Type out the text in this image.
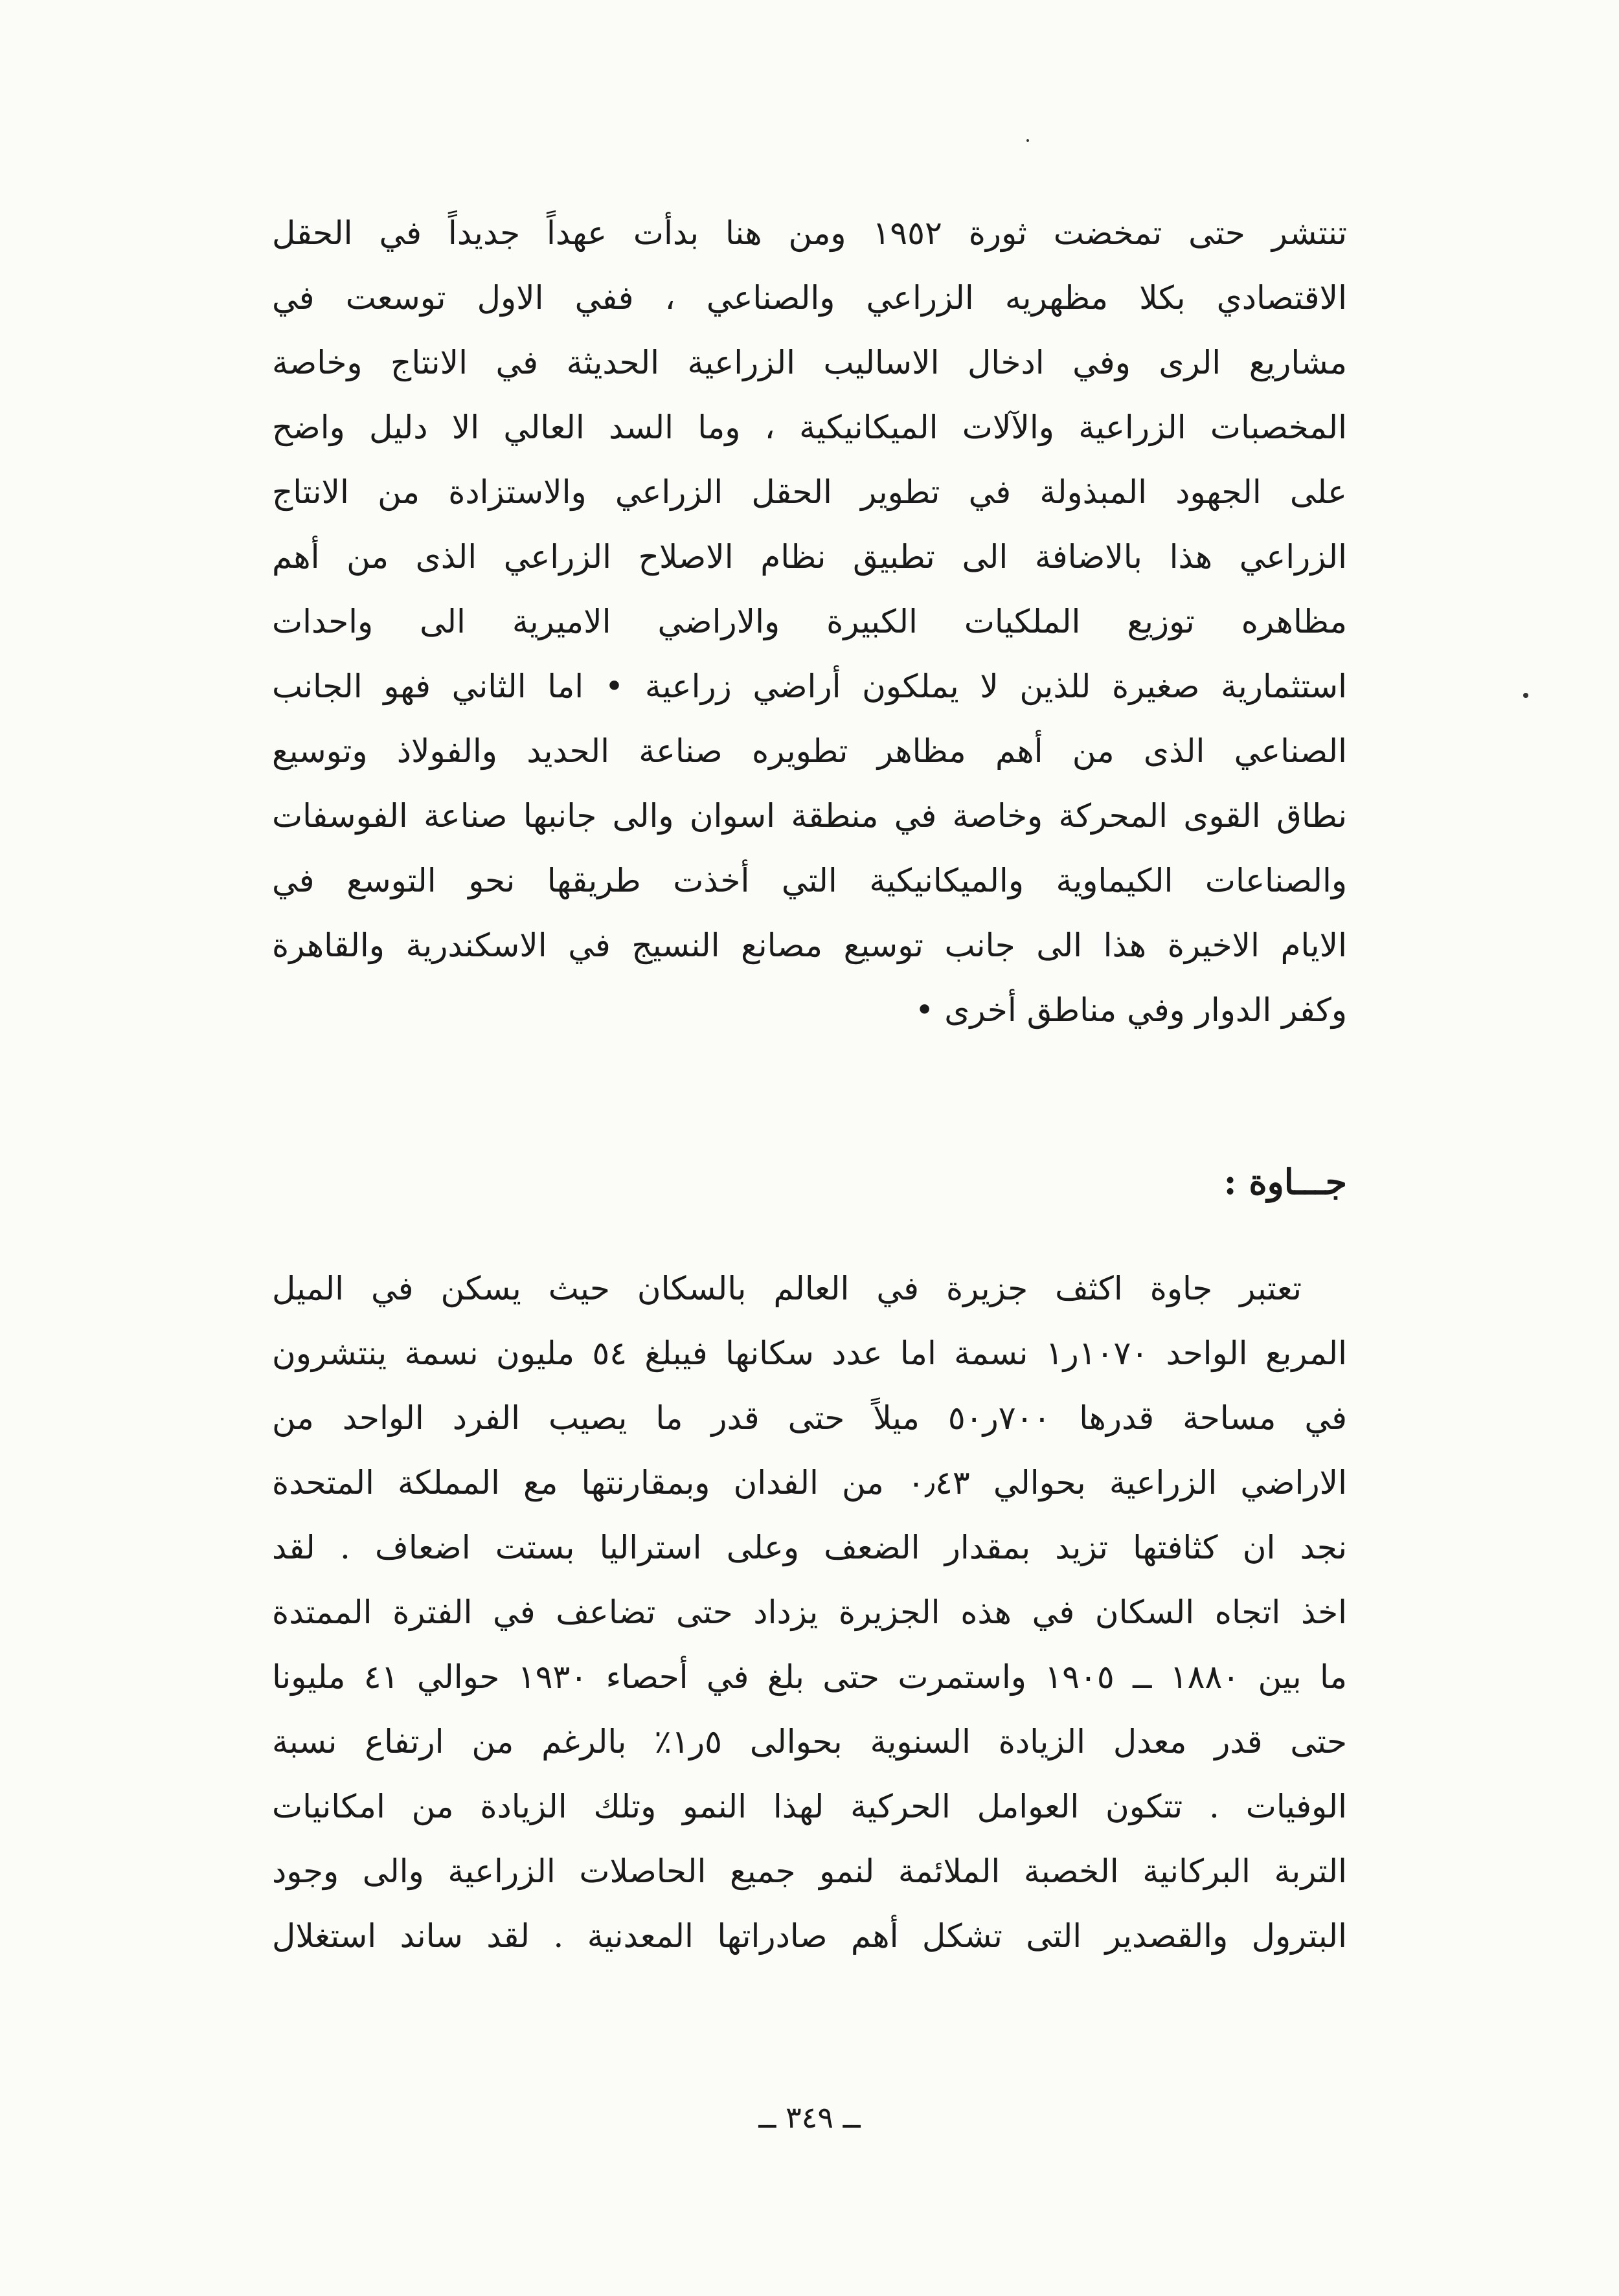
تنتشر حتى تمخضت ثورة ١٩٥٢ ومن هنا بدأت عهداً جديداً في الحقل
الاقتصادي بكلا مظهريه الزراعي والصناعي ، ففي الاول توسعت في
مشاريع الرى وفي ادخال الاساليب الزراعية الحديثة في الانتاج وخاصة
المخصبات الزراعية والآلات الميكانيكية ، وما السد العالي الا دليل واضح
على الجهود المبذولة في تطوير الحقل الزراعي والاستزادة من الانتاج
الزراعي هذا بالاضافة الى تطبيق نظام الاصلاح الزراعي الذى من أهم
مظاهره توزيع الملكيات الكبيرة والاراضي الاميرية الى واحدات
استثمارية صغيرة للذين لا يملكون أراضي زراعية • اما الثاني فهو الجانب
الصناعي الذى من أهم مظاهر تطويره صناعة الحديد والفولاذ وتوسيع
نطاق القوى المحركة وخاصة في منطقة اسوان والى جانبها صناعة الفوسفات
والصناعات الكيماوية والميكانيكية التي أخذت طريقها نحو التوسع في
الايام الاخيرة هذا الى جانب توسيع مصانع النسيج في الاسكندرية والقاهرة
وكفر الدوار وفي مناطق أخرى •
جـــاوة :
تعتبر جاوة اكثف جزيرة في العالم بالسكان حيث يسكن في الميل
المربع الواحد ١٠٧٠ر١ نسمة اما عدد سكانها فيبلغ ٥٤ مليون نسمة ينتشرون
في مساحة قدرها ٧٠٠ر٥٠ ميلاً حتى قدر ما يصيب الفرد الواحد من
الاراضي الزراعية بحوالي ٠٫٤٣ من الفدان وبمقارنتها مع المملكة المتحدة
نجد ان كثافتها تزيد بمقدار الضعف وعلى استراليا بستت اضعاف . لقد
اخذ اتجاه السكان في هذه الجزيرة يزداد حتى تضاعف في الفترة الممتدة
ما بين ١٨٨٠ ــ ١٩٠٥ واستمرت حتى بلغ في أحصاء ١٩٣٠ حوالي ٤١ مليونا
حتى قدر معدل الزيادة السنوية بحوالى ٥ر١٪ بالرغم من ارتفاع نسبة
الوفيات . تتكون العوامل الحركية لهذا النمو وتلك الزيادة من امكانيات
التربة البركانية الخصبة الملائمة لنمو جميع الحاصلات الزراعية والى وجود
البترول والقصدير التى تشكل أهم صادراتها المعدنية . لقد ساند استغلال
ــ ٣٤٩ ــ
